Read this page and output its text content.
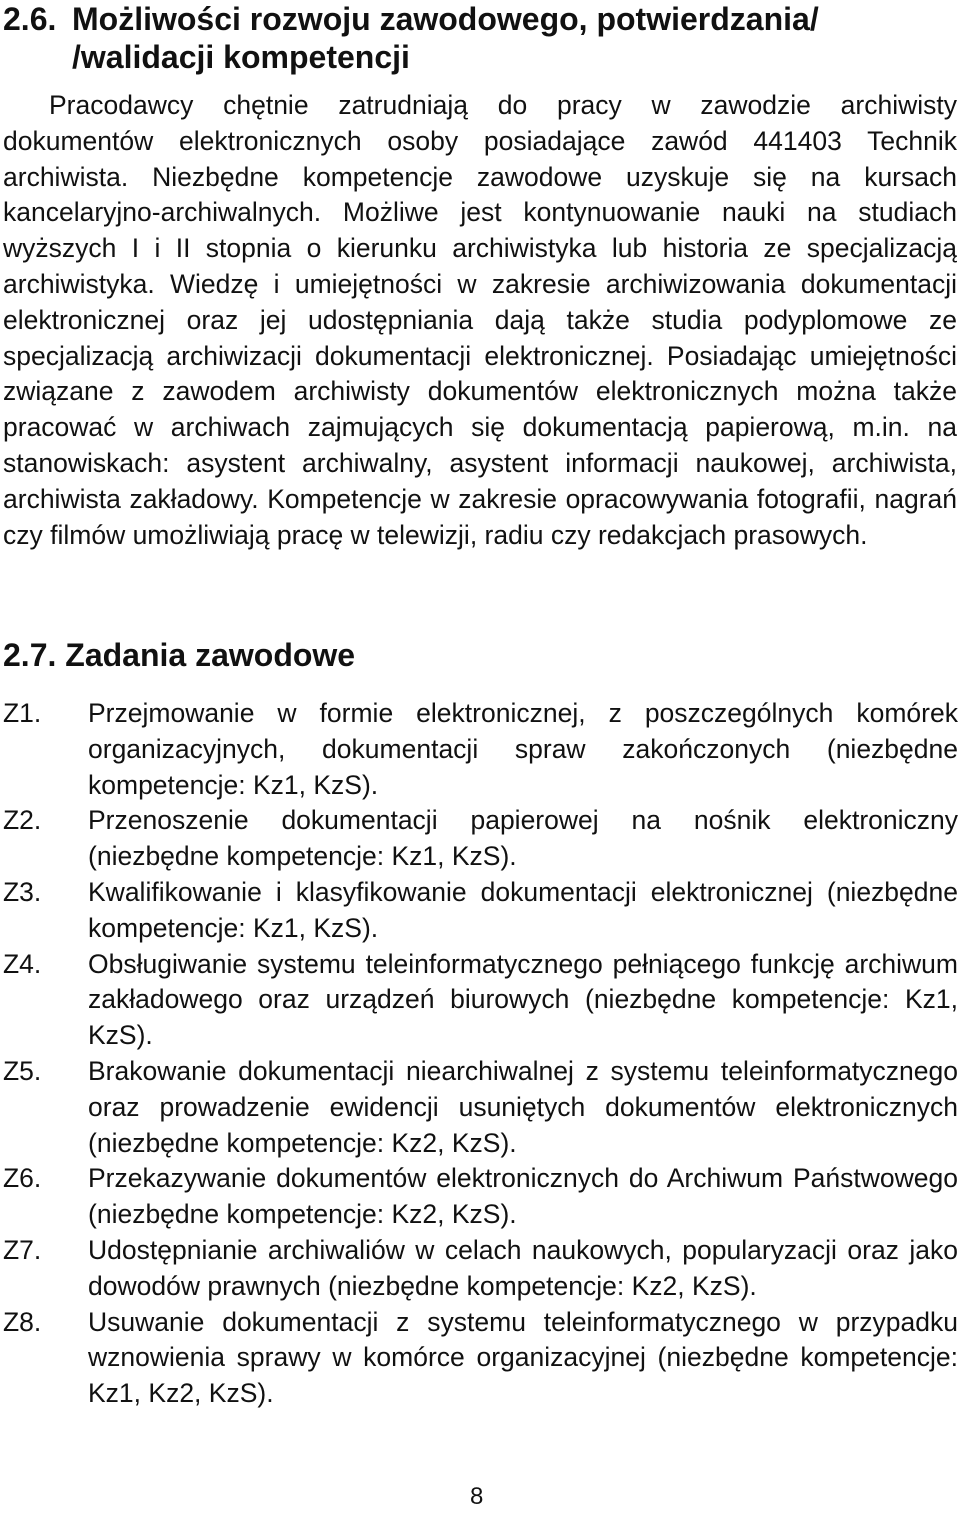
2.6. Możliwości rozwoju zawodowego, potwierdzania/ /walidacji kompetencji

Pracodawcy chętnie zatrudniają do pracy w zawodzie archiwisty dokumentów elektronicznych osoby posiadające zawód 441403 Technik archiwista. Niezbędne kompetencje zawodowe uzyskuje się na kursach kancelaryjno-archiwalnych. Możliwe jest kontynuowanie nauki na studiach wyższych I i II stopnia o kierunku archiwistyka lub historia ze specjalizacją archiwistyka. Wiedzę i umiejętności w zakresie archiwizowania dokumentacji elektronicznej oraz jej udostępniania dają także studia podyplomowe ze specjalizacją archiwizacji dokumentacji elektronicznej. Posiadając umiejętności związane z zawodem archiwisty dokumentów elektronicznych można także pracować w archiwach zajmujących się dokumentacją papierową, m.in. na stanowiskach: asystent archiwalny, asystent informacji naukowej, archiwista, archiwista zakładowy. Kompetencje w zakresie opracowywania fotografii, nagrań czy filmów umożliwiają pracę w telewizji, radiu czy redakcjach prasowych.

2.7. Zadania zawodowe
Z1. Przejmowanie w formie elektronicznej, z poszczególnych komórek organizacyjnych, dokumentacji spraw zakończonych (niezbędne kompetencje: Kz1, KzS).
Z2. Przenoszenie dokumentacji papierowej na nośnik elektroniczny (niezbędne kompetencje: Kz1, KzS).
Z3. Kwalifikowanie i klasyfikowanie dokumentacji elektronicznej (niezbędne kompetencje: Kz1, KzS).
Z4. Obsługiwanie systemu teleinformatycznego pełniącego funkcję archiwum zakładowego oraz urządzeń biurowych (niezbędne kompetencje: Kz1, KzS).
Z5. Brakowanie dokumentacji niearchiwalnej z systemu teleinformatycznego oraz prowadzenie ewidencji usuniętych dokumentów elektronicznych (niezbędne kompetencje: Kz2, KzS).
Z6. Przekazywanie dokumentów elektronicznych do Archiwum Państwowego (niezbędne kompetencje: Kz2, KzS).
Z7. Udostępnianie archiwaliów w celach naukowych, popularyzacji oraz jako dowodów prawnych (niezbędne kompetencje: Kz2, KzS).
Z8. Usuwanie dokumentacji z systemu teleinformatycznego w przypadku wznowienia sprawy w komórce organizacyjnej (niezbędne kompetencje: Kz1, Kz2, KzS).
8
